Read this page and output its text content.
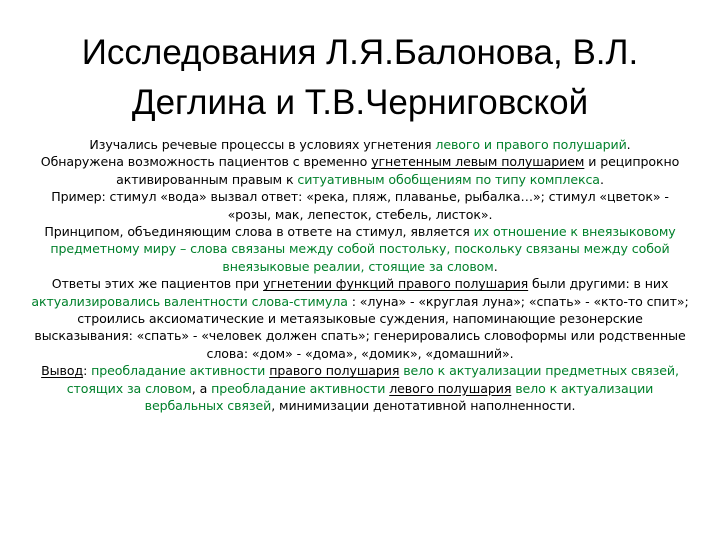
Исследования Л.Я.Балонова, В.Л.
Деглина и Т.В.Черниговской

Изучались речевые процессы в условиях угнетения левого и правого полушарий.

Обнаружена возможность пациентов с временно угнетенным левым полушарием и реципрокно активированным правым к ситуативным обобщениям по типу комплекса.

Пример: стимул «вода» вызвал ответ: «река, пляж, плаванье, рыбалка…»; стимул «цветок» - «розы, мак, лепесток, стебель, листок».

Принципом, объединяющим слова в ответе на стимул, является их отношение к внеязыковому предметному миру – слова связаны между собой постольку, поскольку связаны между собой внеязыковые реалии, стоящие за словом.

Ответы этих же пациентов при угнетении функций правого полушария были другими: в них актуализировались валентности слова-стимула : «луна» - «круглая луна»; «спать» - «кто-то спит»; строились аксиоматические и метаязыковые суждения, напоминающие резонерские высказывания: «спать» - «человек должен спать»; генерировались словоформы или родственные слова: «дом» - «дома», «домик», «домашний».

Вывод: преобладание активности правого полушария вело к актуализации предметных связей, стоящих за словом, а преобладание активности левого полушария вело к актуализации вербальных связей, минимизации денотативной наполненности.
